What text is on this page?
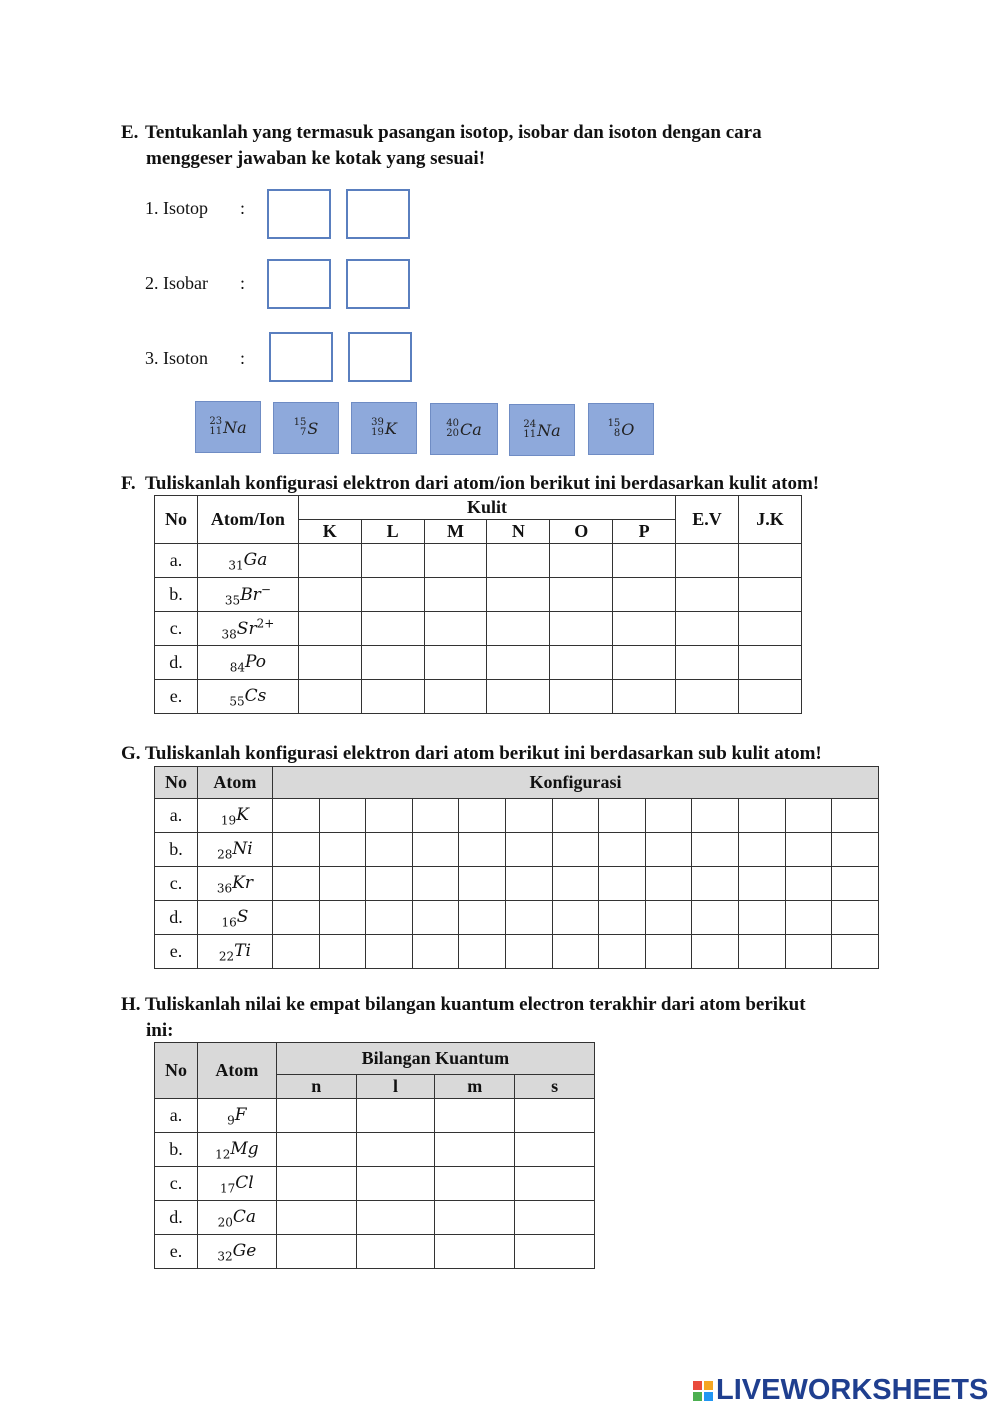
E. Tentukanlah yang termasuk pasangan isotop, isobar dan isoton dengan cara
menggeser jawaban ke kotak yang sesuai!
1. Isotop :
2. Isobar :
3. Isoton :
23
11 Na	15
7 S	39
19 K	40
20 Ca	24
11 Na	15
8 O
F. Tuliskanlah konfigurasi elektron dari atom/ion berikut ini berdasarkan kulit atom!
No	Atom/Ion	Kulit						E.V	J.K
		K	L	M	N	O	P		
a.	$_{31}$Ga								
b.	$_{35}$Br−								
c.	$_{38}Sr^{2+}$								
d.	$_{84}$Po								
e.	$_{55}$Cs								
G. Tuliskanlah konfigurasi elektron dari atom berikut ini berdasarkan sub kulit atom!
No	Atom	Konfigurasi												
a.	$_{19}$K													
b.	$_{28}$Ni													
c.	$_{36}$Kr													
d.	$_{16}$S													
e.	$_{22}$Ti													
H. Tuliskanlah nilai ke empat bilangan kuantum electron terakhir dari atom berikut
ini:
No	Atom	Bilangan Kuantum			
		n	l	m	s
a.	$_9$F				
b.	$_{12}$Mg				
c.	$_{17}$Cl				
d.	$_{20}$Ca				
e.	$_{32}$Ge				
LIVEWORKSHEETS
